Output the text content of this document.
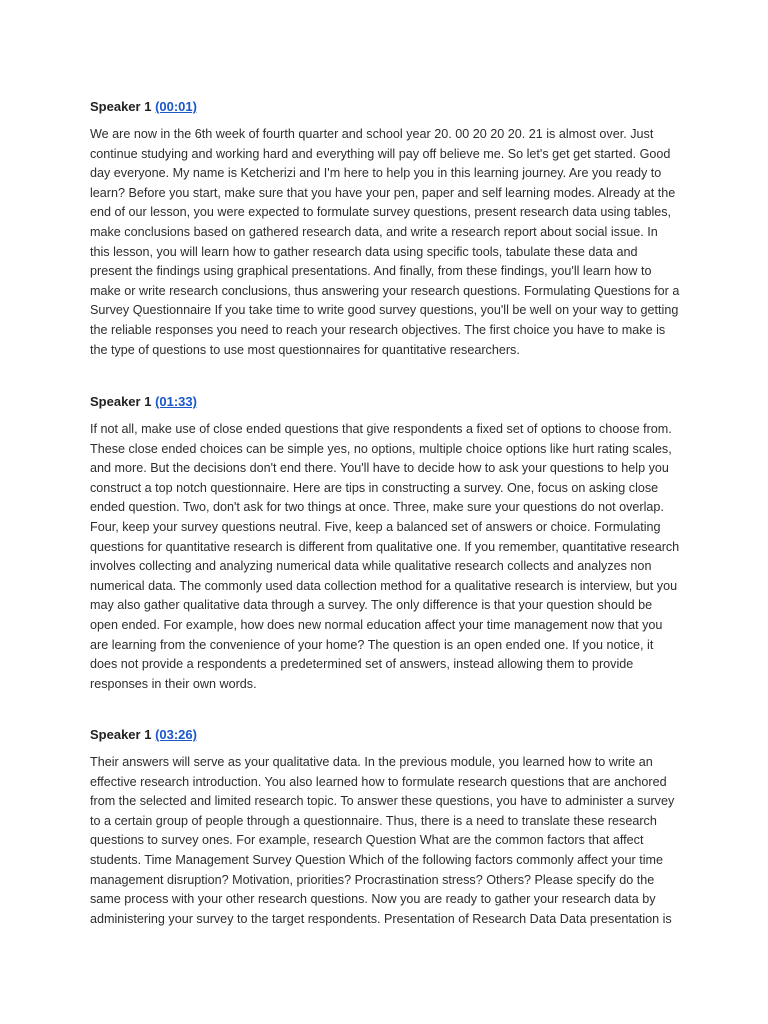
Speaker 1 (00:01)

We are now in the 6th week of fourth quarter and school year 20. 00 20 20 20. 21 is almost over. Just continue studying and working hard and everything will pay off believe me. So let's get get started. Good day everyone. My name is Ketcherizi and I'm here to help you in this learning journey. Are you ready to learn? Before you start, make sure that you have your pen, paper and self learning modes. Already at the end of our lesson, you were expected to formulate survey questions, present research data using tables, make conclusions based on gathered research data, and write a research report about social issue. In this lesson, you will learn how to gather research data using specific tools, tabulate these data and present the findings using graphical presentations. And finally, from these findings, you'll learn how to make or write research conclusions, thus answering your research questions. Formulating Questions for a Survey Questionnaire If you take time to write good survey questions, you'll be well on your way to getting the reliable responses you need to reach your research objectives. The first choice you have to make is the type of questions to use most questionnaires for quantitative researchers.

Speaker 1 (01:33)

If not all, make use of close ended questions that give respondents a fixed set of options to choose from. These close ended choices can be simple yes, no options, multiple choice options like hurt rating scales, and more. But the decisions don't end there. You'll have to decide how to ask your questions to help you construct a top notch questionnaire. Here are tips in constructing a survey. One, focus on asking close ended question. Two, don't ask for two things at once. Three, make sure your questions do not overlap. Four, keep your survey questions neutral. Five, keep a balanced set of answers or choice. Formulating questions for quantitative research is different from qualitative one. If you remember, quantitative research involves collecting and analyzing numerical data while qualitative research collects and analyzes non numerical data. The commonly used data collection method for a qualitative research is interview, but you may also gather qualitative data through a survey. The only difference is that your question should be open ended. For example, how does new normal education affect your time management now that you are learning from the convenience of your home? The question is an open ended one. If you notice, it does not provide a respondents a predetermined set of answers, instead allowing them to provide responses in their own words.

Speaker 1 (03:26)

Their answers will serve as your qualitative data. In the previous module, you learned how to write an effective research introduction. You also learned how to formulate research questions that are anchored from the selected and limited research topic. To answer these questions, you have to administer a survey to a certain group of people through a questionnaire. Thus, there is a need to translate these research questions to survey ones. For example, research Question What are the common factors that affect students. Time Management Survey Question Which of the following factors commonly affect your time management disruption? Motivation, priorities? Procrastination stress? Others? Please specify do the same process with your other research questions. Now you are ready to gather your research data by administering your survey to the target respondents. Presentation of Research Data Data presentation is
